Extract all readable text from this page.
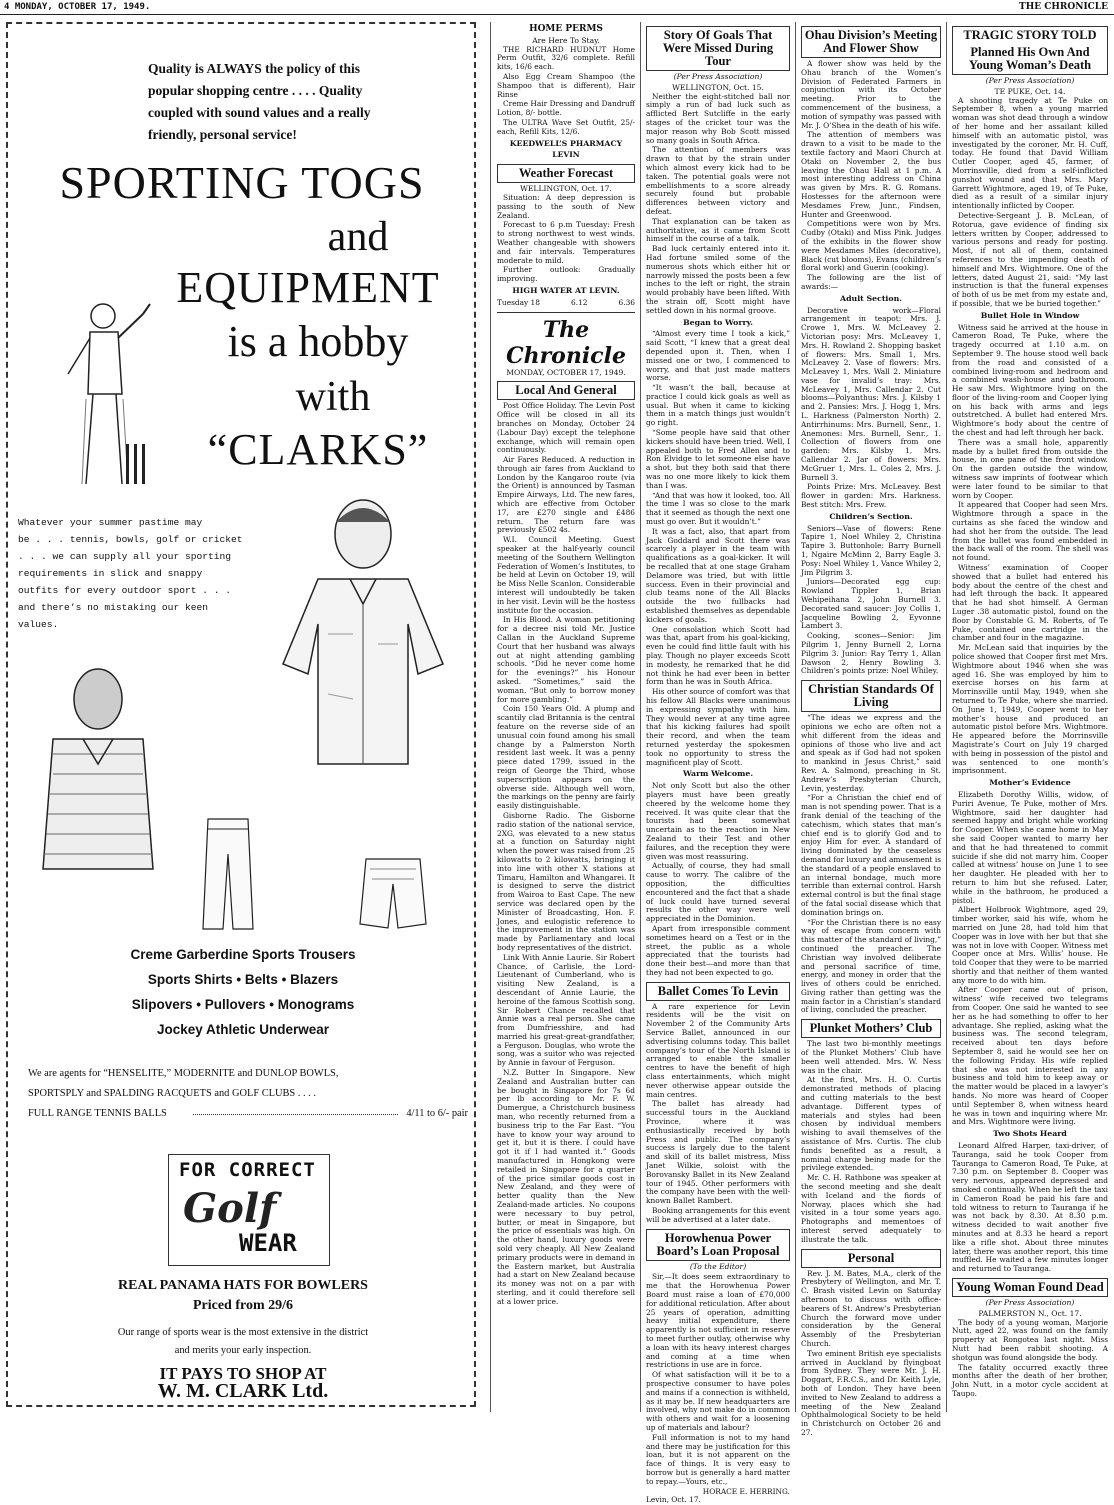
4 MONDAY, OCTOBER 17, 1949.	THE CHRONICLE
Quality is ALWAYS the policy of this
popular shopping centre . . . . Quality
coupled with sound values and a really
friendly, personal service!
SPORTING TOGS
and
EQUIPMENT
is a hobby
with
“CLARKS”
Whatever your summer pastime may
be . . . tennis, bowls, golf or cricket
. . . we can supply all your sporting
requirements in slick and snappy
outfits for every outdoor sport . . .
and there’s no mistaking our keen
values.
Creme Garberdine Sports Trousers
Sports Shirts • Belts • Blazers
Slipovers • Pullovers • Monograms
Jockey Athletic Underwear
We are agents for “HENSELITE,” MODERNITE and DUNLOP BOWLS,
SPORTSPLY and SPALDING RACQUETS and GOLF CLUBS . . . .
FULL RANGE TENNIS BALLS	4/11 to 6/- pair
FOR CORRECT
Golf
WEAR
REAL PANAMA HATS FOR BOWLERS
Priced from 29/6
Our range of sports wear is the most extensive in the district
and merits your early inspection.
IT PAYS TO SHOP AT
W. M. CLARK Ltd.
HOME PERMS
Are Here To Stay.

THE RICHARD HUDNUT Home Perm Outfit, 32/6 complete. Refill kits, 16/6 each.

Also Egg Cream Shampoo (the Shampoo that is different), Hair Rinse

Creme Hair Dressing and Dandruff Lotion, 8/- bottle.

The ULTRA Wave Set Outfit, 25/- each, Refill Kits, 12/6.

KEEDWELL’S PHARMACY
LEVIN
Weather Forecast
WELLINGTON, Oct. 17.

Situation: A deep depression is passing to the south of New Zealand.

Forecast to 6 p.m Tuesday: Fresh to strong northwest to west winds. Weather changeable with showers and fair intervals. Temperatures moderate to mild.

Further outlook: Gradually improving.

HIGH WATER AT LEVIN.
Tuesday 18	6.12	6.36
The Chronicle
MONDAY, OCTOBER 17, 1949.
Local And General

Post Office Holiday. The Levin Post Office will be closed in all its branches on Monday, October 24 (Labour Day) except the telephone exchange, which will remain open continuously.

Air Fares Reduced. A reduction in through air fares from Auckland to London by the Kangaroo route (via the Orient) is announced by Tasman Empire Airways, Ltd. The new fares, which are effective from October 17, are £270 single and £486 return. The return fare was previously £502 4s.

W.I. Council Meeting. Guest speaker at the half-yearly council meeting of the Southern Wellington Federation of Women’s Institutes, to be held at Levin on October 19, will be Miss Nelle Scanlon. Considerable interest will undoubtedly be taken in her visit. Levin will be the hostess institute for the occasion.

In His Blood. A woman petitioning for a decree nisi told Mr. Justice Callan in the Auckland Supreme Court that her husband was always out at night attending gambling schools. “Did he never come home for the evenings?” his Honour asked. “Sometimes,” said the woman. “But only to borrow money for more gambling.”

Coin 150 Years Old. A plump and scantily clad Britannia is the central feature on the reverse side of an unusual coin found among his small change by a Palmerston North resident last week. It was a penny piece dated 1799, issued in the reign of George the Third, whose superscription appears on the obverse side. Although well worn, the markings on the penny are fairly easily distinguishable.

Gisborne Radio. The Gisborne radio station of the national service, 2XG, was elevated to a new status at a function on Saturday night when the power was raised from .25 kilowatts to 2 kilowatts, bringing it into line with other X stations at Timaru, Hamilton and Whangarei. It is designed to serve the district from Wairoa to East Cape. The new service was declared open by the Minister of Broadcasting, Hon. F. Jones, and eulogistic reference to the improvement in the station was made by Parliamentary and local body representatives of the district.

Link With Annie Laurie. Sir Robert Chance, of Carlisle, the Lord-Lieutenant of Cumberland, who is visiting New Zealand, is a descendant of Annie Laurie, the heroine of the famous Scottish song. Sir Robert Chance recalled that Annie was a real person. She came from Dumfriesshire, and had married his great-great-grandfather, a Ferguson. Douglas, who wrote the song, was a suitor who was rejected by Annie in favour of Ferguson.

N.Z. Butter In Singapore. New Zealand and Australian butter can be bought in Singapore for 7s 6d per lb according to Mr. F. W. Dumergue, a Christchurch business man, who recently returned from a business trip to the Far East. “You have to know your way around to get it, but it is there. I could have got it if I had wanted it.” Goods manufactured in Hongkong were retailed in Singapore for a quarter of the price similar goods cost in New Zealand, and they were of better quality than the New Zealand-made articles. No coupons were necessary to buy petrol, butter, or meat in Singapore, but the price of essentials was high. On the other hand, luxury goods were sold very cheaply. All New Zealand primary products were in demand in the Eastern market, but Australia had a start on New Zealand because its money was not on a par with sterling, and it could therefore sell at a lower price.

Story Of Goals That Were Missed During Tour
(Per Press Association)
WELLINGTON, Oct. 15.

Neither the eight-stitched ball nor simply a run of bad luck such as afflicted Bert Sutcliffe in the early stages of the cricket tour was the major reason why Bob Scott missed so many goals in South Africa.

The attention of members was drawn to that by the strain under which almost every kick had to be taken. The potential goals were not embellishments to a score already securely found but probable differences between victory and defeat.

That explanation can be taken as authoritative, as it came from Scott himself in the course of a talk.

Bad luck certainly entered into it. Had fortune smiled some of the numerous shots which either hit or narrowly missed the posts been a few inches to the left or right, the strain would probably have been lifted. With the strain off, Scott might have settled down in his normal groove.

Began to Worry.

“Almost every time I took a kick,” said Scott, “I knew that a great deal depended upon it. Then, when I missed one or two, I commenced to worry, and that just made matters worse.

“It wasn’t the ball, because at practice I could kick goals as well as usual. But when it came to kicking them in a match things just wouldn’t go right.

“Some people have said that other kickers should have been tried. Well, I appealed both to Fred Allen and to Ron Elvidge to let someone else have a shot, but they both said that there was no one more likely to kick them than I was.

“And that was how it looked, too. All the time I was so close to the mark that it seemed as though the next one must go over. But it wouldn’t.”

It was a fact, also, that apart from Jack Goddard and Scott there was scarcely a player in the team with qualifications as a goal-kicker. It will be recalled that at one stage Graham Delamore was tried, but with little success. Even in their provincial and club teams none of the All Blacks outside the two fullbacks had established themselves as dependable kickers of goals.

One consolation which Scott had was that, apart from his goal-kicking, even he could find little fault with his play. Though no player exceeds Scott in modesty, he remarked that he did not think he had ever been in better form than he was in South Africa.

His other source of comfort was that his fellow All Blacks were unanimous in expressing sympathy with him. They would never at any time agree that his kicking failures had spoilt their record, and when the team returned yesterday the spokesmen took no opportunity to stress the magnificent play of Scott.

Warm Welcome.

Not only Scott but also the other players must have been greatly cheered by the welcome home they received. It was quite clear that the tourists had been somewhat uncertain as to the reaction in New Zealand to their Test and other failures, and the reception they were given was most reassuring.

Actually, of course, they had small cause to worry. The calibre of the opposition, the difficulties encountered and the fact that a shade of luck could have turned several results the other way were well appreciated in the Dominion.

Apart from irresponsible comment sometimes heard on a Test or in the street, the public as a whole appreciated that the tourists had done their best—and more than that they had not been expected to go.

Ballet Comes To Levin

A rare experience for Levin residents will be the visit on November 2 of the Community Arts Service Ballet, announced in our advertising columns today. This ballet company’s tour of the North Island is arranged to enable the smaller centres to have the benefit of high class entertainments, which might never otherwise appear outside the main centres.

The ballet has already had successful tours in the Auckland Province, where it was enthusiastically received by both Press and public. The company’s success is largely due to the talent and skill of its ballet mistress, Miss Janet Wilkie, soloist with the Borovansky Ballet in its New Zealand tour of 1945. Other performers with the company have been with the well-known Ballet Rambert.

Booking arrangements for this event will be advertised at a later date.

Horowhenua Power Board’s Loan Proposal
(To the Editor)

Sir,—It does seem extraordinary to me that the Horowhenua Power Board must raise a loan of £70,000 for additional reticulation. After about 25 years of operation, admitting heavy initial expenditure, there apparently is not sufficient in reserve to meet further outlay, otherwise why a loan with its heavy interest charges and coming at a time when restrictions in use are in force.

Of what satisfaction will it be to a prospective consumer to have poles and mains if a connection is withheld, as it may be. If new headquarters are involved, why not make do in common with others and wait for a loosening up of materials and labour?

Full information is not to my hand and there may be justification for this loan, but it is not apparent on the face of things. It is very easy to borrow but is generally a hard matter to repay.—Yours, etc.,

HORACE E. HERRING.
Levin, Oct. 17.
Ohau Division’s Meeting And Flower Show

A flower show was held by the Ohau branch of the Women’s Division of Federated Farmers in conjunction with its October meeting. Prior to the commencement of the business, a motion of sympathy was passed with Mr. J. O’Shea in the death of his wife.

The attention of members was drawn to a visit to be made to the textile factory and Maori Church at Otaki on November 2, the bus leaving the Ohau Hall at 1 p.m. A most interesting address on China was given by Mrs. R. G. Romans. Hostesses for the afternoon were Mesdames Frew, Junr., Findsen, Hunter and Greenwood.

Competitions were won by Mrs. Cudby (Otaki) and Miss Pink. Judges of the exhibits in the flower show were Mesdames Miles (decorative), Black (cut blooms), Evans (children’s floral work) and Guerin (cooking).

The following are the list of awards:—

Adult Section.

Decorative work—Floral arrangement in teapot: Mrs. J. Crowe 1, Mrs. W. McLeavey 2. Victorian posy: Mrs. McLeavey 1, Mrs. H. Rowland 2. Shopping basket of flowers: Mrs. Small 1, Mrs. McLeavey 2. Vase of flowers: Mrs. McLeavey 1, Mrs. Wall 2. Miniature vase for invalid’s tray: Mrs. McLeavey 1, Mrs. Callendar 2. Cut blooms—Polyanthus: Mrs. J. Kilsby 1 and 2. Pansies: Mrs. J. Hogg 1, Mrs. L. Harkness (Palmerston North) 2. Antirrhinums: Mrs. Burnell, Senr., 1. Anemones: Mrs. Burnell, Senr., 1. Collection of flowers from one garden: Mrs. Kilsby 1, Mrs. Callendar 2. Jar of flowers: Mrs. McGruer 1, Mrs. L. Coles 2, Mrs. J. Burnell 3.

Points Prize: Mrs. McLeavey. Best flower in garden: Mrs. Harkness. Best stitch: Mrs. Frew.

Children’s Section.

Seniors—Vase of flowers: Rene Tapire 1, Noel Whiley 2, Christina Tapire 3. Buttonhole: Barry Burnell 1, Ngaire McMinn 2, Barry Eagle 3. Posy: Noel Whiley 1, Vance Whiley 2, Jim Pilgrim 3.

Juniors—Decorated egg cup: Rowland Tippler 1, Brian Wehipeihana 2, John Burnell 3. Decorated sand saucer: Joy Collis 1, Jacqueline Bowling 2, Eyvonne Lambert 3.

Cooking, scones—Senior: Jim Pilgrim 1, Jenny Burnell 2, Lorna Pilgrim 3. Junior: Ray Terry 1, Allan Dawson 2, Henry Bowling 3. Children’s points prize: Noel Whiley.

Christian Standards Of Living

“The ideas we express and the opinions we echo are often not a whit different from the ideas and opinions of those who live and act and speak as if God had not spoken to mankind in Jesus Christ,” said Rev. A. Salmond, preaching in St. Andrew’s Presbyterian Church, Levin, yesterday.

“For a Christian the chief end of man is not spending power. That is a frank denial of the teaching of the catechism, which states that man’s chief end is to glorify God and to enjoy Him for ever. A standard of living dominated by the ceaseless demand for luxury and amusement is the standard of a people enslaved to an internal bondage, much more terrible than external control. Harsh external control is but the final stage of the fatal social disease which that domination brings on.

“For the Christian there is no easy way of escape from concern with this matter of the standard of living,” continued the preacher. The Christian way involved deliberate and personal sacrifice of time, energy, and money in order that the lives of others could be enriched. Giving rather than getting was the main factor in a Christian’s standard of living, concluded the preacher.

Plunket Mothers’ Club

The last two bi-monthly meetings of the Plunket Mothers’ Club have been well attended. Mrs. W. Ness was in the chair.

At the first, Mrs. H. O. Curtis demonstrated methods of placing and cutting materials to the best advantage. Different types of materials and styles had been chosen by individual members wishing to avail themselves of the assistance of Mrs. Curtis. The club funds benefited as a result, a nominal charge being made for the privilege extended.

Mr. C. H. Rathbone was speaker at the second meeting and she dealt with Iceland and the fiords of Norway, places which she had visited in a tour some years ago. Photographs and mementoes of interest served adequately to illustrate the talk.

Personal

Rev. J. M. Bates, M.A., clerk of the Presbytery of Wellington, and Mr. T. C. Brash visited Levin on Saturday afternoon to discuss with office-bearers of St. Andrew’s Presbyterian Church the forward move under consideration by the General Assembly of the Presbyterian Church.

Two eminent British eye specialists arrived in Auckland by flyingboat from Sydney. They were Mr. J. H. Doggart, F.R.C.S., and Dr. Keith Lyle, both of London. They have been invited to New Zealand to address a meeting of the New Zealand Ophthalmological Society to be held in Christchurch on October 26 and 27.

TRAGIC STORY TOLD
Planned His Own And Young Woman’s Death
(Per Press Association)
TE PUKE, Oct. 14.

A shooting tragedy at Te Puke on September 8, when a young married woman was shot dead through a window of her home and her assailant killed himself with an automatic pistol, was investigated by the coroner, Mr. H. Cuff, today. He found that David William Cutler Cooper, aged 45, farmer, of Morrinsville, died from a self-inflicted gunshot wound and that Mrs. Mary Garrett Wightmore, aged 19, of Te Puke, died as a result of a similar injury intentionally inflicted by Cooper.

Detective-Sergeant J. B. McLean, of Rotorua, gave evidence of finding six letters written by Cooper, addressed to various persons and ready for posting. Most, if not all of them, contained references to the impending death of himself and Mrs. Wightmore. One of the letters, dated August 21, said: “My last instruction is that the funeral expenses of both of us be met from my estate and, if possible, that we be buried together.”

Bullet Hole in Window

Witness said he arrived at the house in Cameron Road, Te Puke, where the tragedy occurred at 1.10 a.m. on September 9. The house stood well back from the road and consisted of a combined living-room and bedroom and a combined wash-house and bathroom. He saw Mrs. Wightmore lying on the floor of the living-room and Cooper lying on his back with arms and legs outstretched. A bullet had entered Mrs. Wightmore’s body about the centre of the chest and had left through her back.

There was a small hole, apparently made by a bullet fired from outside the house, in one pane of the front window. On the garden outside the window, witness saw imprints of footwear which were later found to be similar to that worn by Cooper.

It appeared that Cooper had seen Mrs. Wightmore through a space in the curtains as she faced the window and had shot her from the outside. The lead from the bullet was found embedded in the back wall of the room. The shell was not found.

Witness’ examination of Cooper showed that a bullet had entered his body about the centre of the chest and had left through the back. It appeared that he had shot himself. A German Luger .38 automatic pistol, found on the floor by Constable G. M. Roberts, of Te Puke, contained one cartridge in the chamber and four in the magazine.

Mr. McLean said that inquiries by the police showed that Cooper first met Mrs. Wightmore about 1946 when she was aged 16. She was employed by him to exercise horses on his farm at Morrinsville until May, 1949, when she returned to Te Puke, where she married. On June 1, 1949, Cooper went to her mother’s house and produced an automatic pistol before Mrs. Wightmore. He appeared before the Morrinsville Magistrate’s Court on July 19 charged with being in possession of the pistol and was sentenced to one month’s imprisonment.

Mother’s Evidence

Elizabeth Dorothy Willis, widow, of Puriri Avenue, Te Puke, mother of Mrs. Wightmore, said her daughter had seemed happy and bright while working for Cooper. When she came home in May she said Cooper wanted to marry her and that he had threatened to commit suicide if she did not marry him. Cooper called at witness’ house on June 1 to see her daughter. He pleaded with her to return to him but she refused. Later, while in the bathroom, he produced a pistol.

Albert Holbrook Wightmore, aged 29, timber worker, said his wife, whom he married on June 28, had told him that Cooper was in love with her but that she was not in love with Cooper. Witness met Cooper once at Mrs. Willis’ house. He told Cooper that they were to be married shortly and that neither of them wanted any more to do with him.

After Cooper came out of prison, witness’ wife received two telegrams from Cooper. One said he wanted to see her as he had something to offer to her advantage. She replied, asking what the business was. The second telegram, received about ten days before September 8, said he would see her on the following Friday. His wife replied that she was not interested in any business and told him to keep away or the matter would be placed in a lawyer’s hands. No more was heard of Cooper until September 8, when witness heard he was in town and inquiring where Mr. and Mrs. Wightmore were living.

Two Shots Heard

Leonard Alfred Harper, taxi-driver, of Tauranga, said he took Cooper from Tauranga to Cameron Road, Te Puke, at 7.30 p.m. on September 8. Cooper was very nervous, appeared depressed and smoked continually. When he left the taxi in Cameron Road he paid his fare and told witness to return to Tauranga if he was not back by 8.30. At 8.30 p.m. witness decided to wait another five minutes and at 8.33 he heard a report like a rifle shot. About three minutes later, there was another report, this time muffled. He waited a few minutes longer and returned to Tauranga.

Young Woman Found Dead
(Per Press Association)
PALMERSTON N., Oct. 17.

The body of a young woman, Marjorie Nutt, aged 22, was found on the family property at Rongotea last night. Miss Nutt had been rabbit shooting. A shotgun was found alongside the body.

The fatality occurred exactly three months after the death of her brother, John Nutt, in a motor cycle accident at Taupo.
